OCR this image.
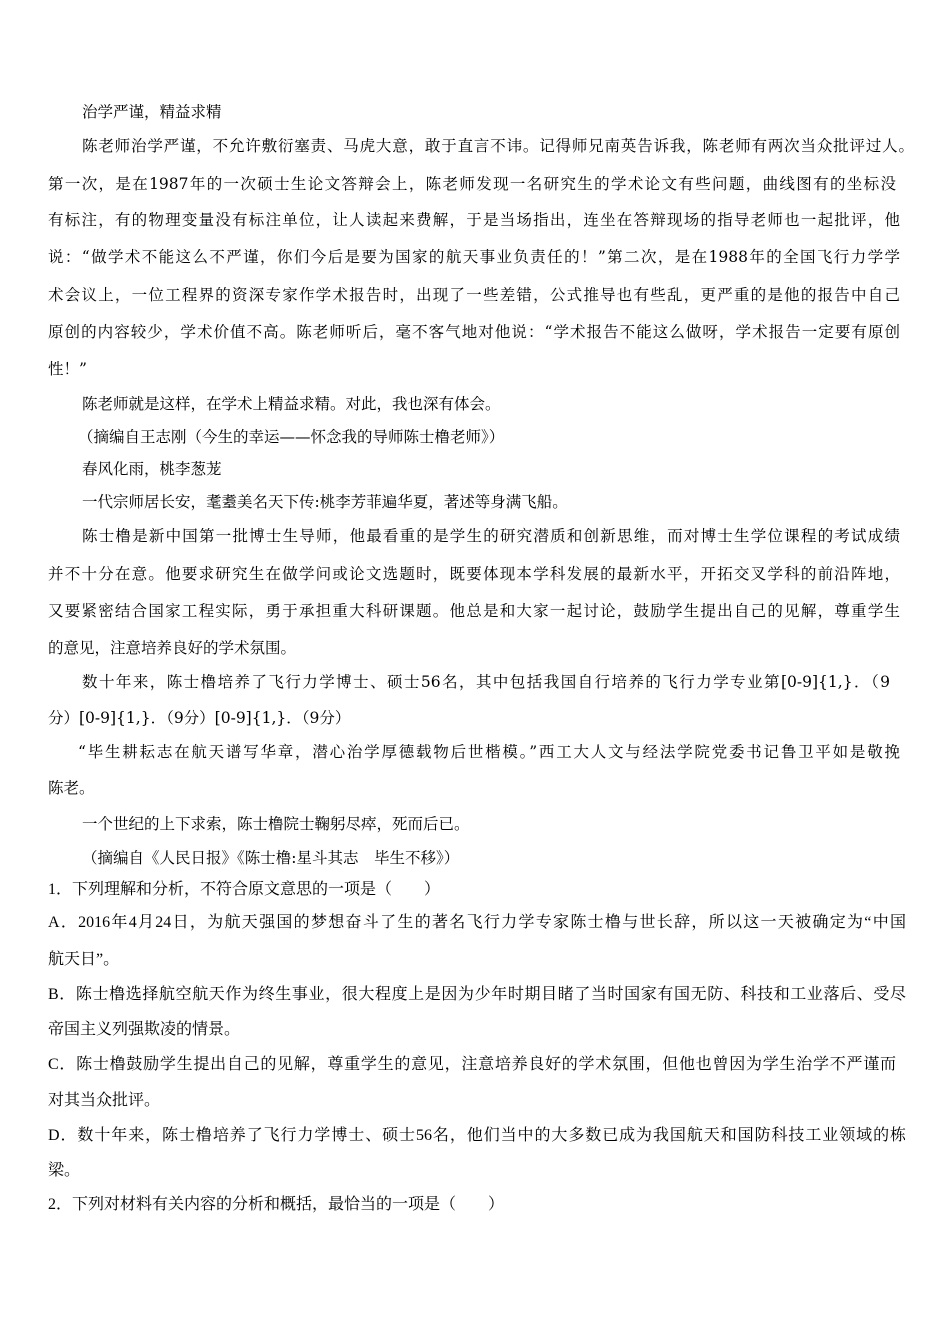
治学严谨，精益求精
陈老师治学严谨，不允许敷衍塞责、马虎大意，敢于直言不讳。记得师兄南英告诉我，陈老师有两次当众批评过人。
第一次，是在1987年的一次硕士生论文答辩会上，陈老师发现一名研究生的学术论文有些问题，曲线图有的坐标没
有标注，有的物理变量没有标注单位，让人读起来费解，于是当场指出，连坐在答辩现场的指导老师也一起批评，他
说：“做学术不能这么不严谨，你们今后是要为国家的航天事业负责任的！”第二次，是在1988年的全国飞行力学学
术会议上，一位工程界的资深专家作学术报告时，出现了一些差错，公式推导也有些乱，更严重的是他的报告中自己
原创的内容较少，学术价值不高。陈老师听后，毫不客气地对他说：“学术报告不能这么做呀，学术报告一定要有原创
性！”
陈老师就是这样，在学术上精益求精。对此，我也深有体会。
（摘编自王志刚（今生的幸运——怀念我的导师陈士橹老师》）
春风化雨，桃李葱茏
一代宗师居长安，耄耋美名天下传:桃李芳菲遍华夏，著述等身满飞船。
陈士橹是新中国第一批博士生导师，他最看重的是学生的研究潜质和创新思维，而对博士生学位课程的考试成绩
并不十分在意。他要求研究生在做学问或论文选题时，既要体现本学科发展的最新水平，开拓交叉学科的前沿阵地，
又要紧密结合国家工程实际，勇于承担重大科研课题。他总是和大家一起讨论，鼓励学生提出自己的见解，尊重学生
的意见，注意培养良好的学术氛围。
数十年来，陈士橹培养了飞行力学博士、硕士56名，其中包括我国自行培养的飞行力学专业第[0-9]{1,}．（9
分）[0-9]{1,}．（9分）[0-9]{1,}．（9分）
“毕生耕耘志在航天谱写华章，潜心治学厚德载物后世楷模。”西工大人文与经法学院党委书记鲁卫平如是敬挽
陈老。
一个世纪的上下求索，陈士橹院士鞠躬尽瘁，死而后已。
（摘编自《人民日报》《陈士橹:星斗其志　毕生不移》）
1．下列理解和分析，不符合原文意思的一项是（　　）
A．2016年4月24日，为航天强国的梦想奋斗了生的著名飞行力学专家陈士橹与世长辞，所以这一天被确定为“中国
航天日”。
B．陈士橹选择航空航天作为终生事业，很大程度上是因为少年时期目睹了当时国家有国无防、科技和工业落后、受尽
帝国主义列强欺凌的情景。
C．陈士橹鼓励学生提出自己的见解，尊重学生的意见，注意培养良好的学术氛围，但他也曾因为学生治学不严谨而
对其当众批评。
D．数十年来，陈士橹培养了飞行力学博士、硕士56名，他们当中的大多数已成为我国航天和国防科技工业领域的栋
梁。
2．下列对材料有关内容的分析和概括，最恰当的一项是（　　）
